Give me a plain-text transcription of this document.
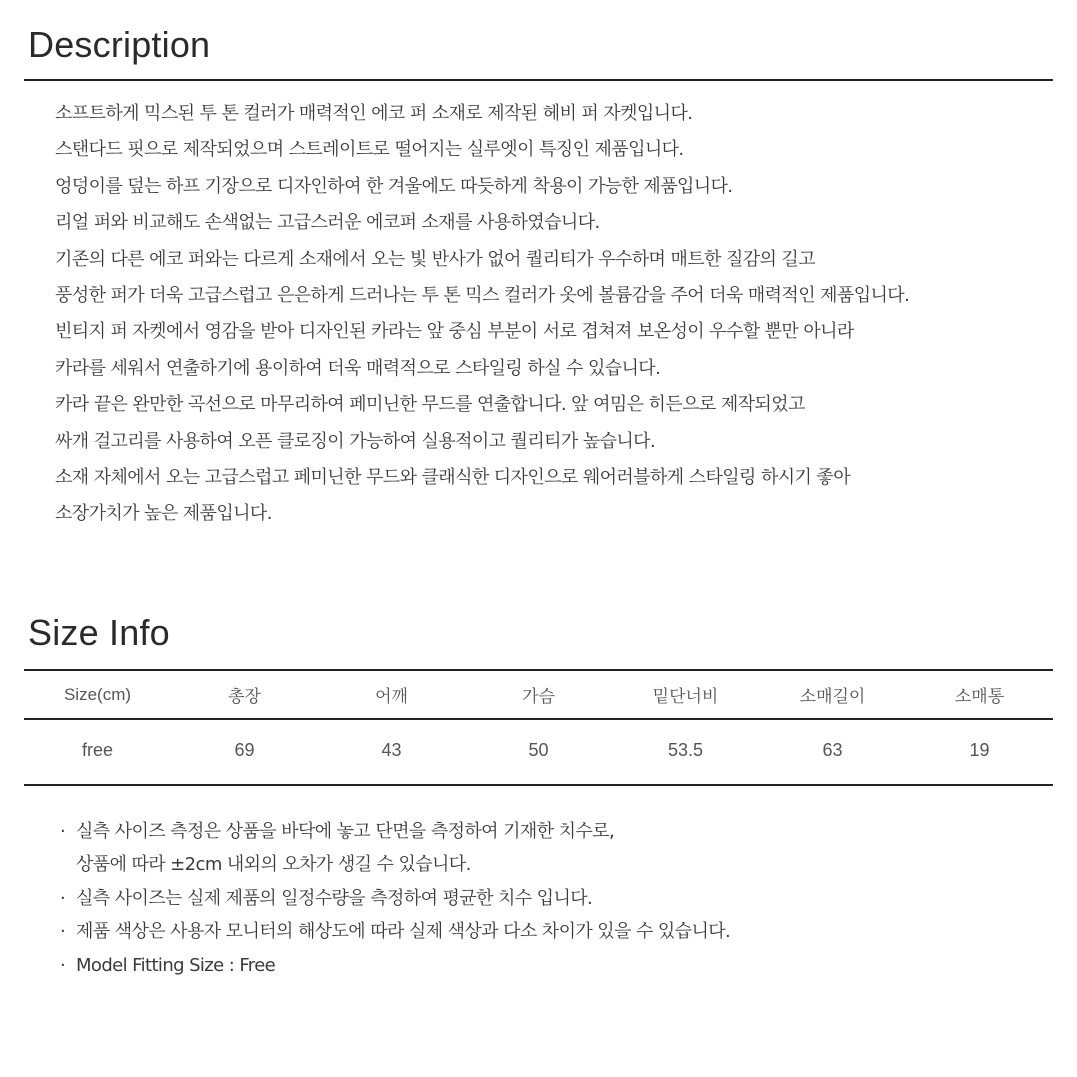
Description
소프트하게 믹스된 투 톤 컬러가 매력적인 에코 퍼 소재로 제작된 헤비 퍼 자켓입니다.
스탠다드 핏으로 제작되었으며 스트레이트로 떨어지는 실루엣이 특징인 제품입니다.
엉덩이를 덮는 하프 기장으로 디자인하여 한 겨울에도 따듯하게 착용이 가능한 제품입니다.
리얼 퍼와 비교해도 손색없는 고급스러운 에코퍼 소재를 사용하였습니다.
기존의 다른 에코 퍼와는 다르게 소재에서 오는 빛 반사가 없어 퀄리티가 우수하며 매트한 질감의 길고
풍성한 퍼가 더욱 고급스럽고 은은하게 드러나는 투 톤 믹스 컬러가 옷에 볼륨감을 주어 더욱 매력적인 제품입니다.
빈티지 퍼 자켓에서 영감을 받아 디자인된 카라는 앞 중심 부분이 서로 겹쳐져 보온성이 우수할 뿐만 아니라
카라를 세워서 연출하기에 용이하여 더욱 매력적으로 스타일링 하실 수 있습니다.
카라 끝은 완만한 곡선으로 마무리하여 페미닌한 무드를 연출합니다. 앞 여밈은 히든으로 제작되었고
싸개 걸고리를 사용하여 오픈 클로징이 가능하여 실용적이고 퀄리티가 높습니다.
소재 자체에서 오는 고급스럽고 페미닌한 무드와 클래식한 디자인으로 웨어러블하게 스타일링 하시기 좋아
소장가치가 높은 제품입니다.
Size Info
Size(cm)	총장	어깨	가슴	밑단너비	소매길이	소매통
free	69	43	50	53.5	63	19
· 실측 사이즈 측정은 상품을 바닥에 놓고 단면을 측정하여 기재한 치수로,
상품에 따라 ±2cm 내외의 오차가 생길 수 있습니다.
· 실측 사이즈는 실제 제품의 일정수량을 측정하여 평균한 치수 입니다.
· 제품 색상은 사용자 모니터의 해상도에 따라 실제 색상과 다소 차이가 있을 수 있습니다.
· Model Fitting Size : Free
